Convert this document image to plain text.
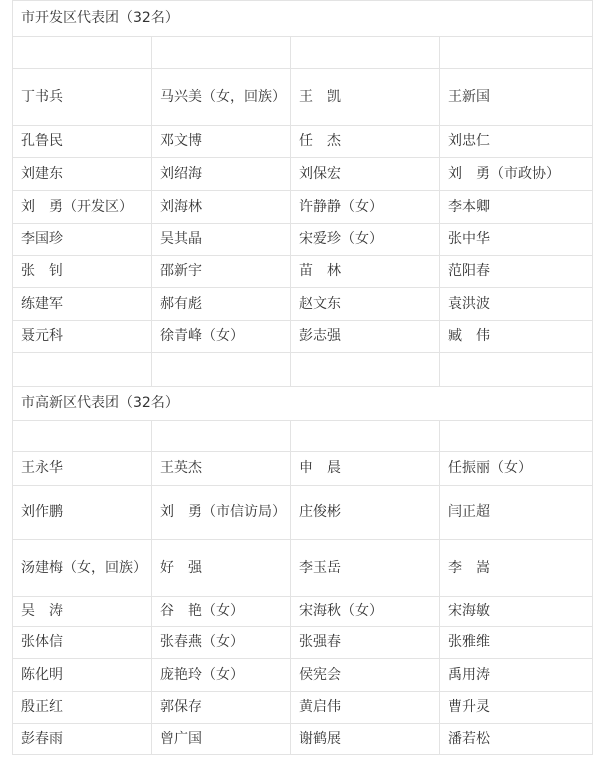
市开发区代表团（32名）			

丁书兵	马兴美（女，回族）	王　凯	王新国
孔鲁民	邓文博	任　杰	刘忠仁
刘建东	刘绍海	刘保宏	刘　勇（市政协）
刘　勇（开发区）	刘海林	许静静（女）	李本卿
李国珍	吴其晶	宋爱珍（女）	张中华
张　钊	邵新宇	苗　林	范阳春
练建军	郝有彪	赵文东	袁洪波
聂元科	徐青峰（女）	彭志强	臧　伟

市高新区代表团（32名）			

王永华	王英杰	申　晨	任振丽（女）
刘作鹏	刘　勇（市信访局）	庄俊彬	闫正超
汤建梅（女，回族）	好　强	李玉岳	李　嵩
吴　涛	谷　艳（女）	宋海秋（女）	宋海敏
张体信	张春燕（女）	张强春	张雅维
陈化明	庞艳玲（女）	侯宪会	禹用涛
殷正红	郭保存	黄启伟	曹升灵
彭春雨	曾广国	谢鹤展	潘若松
